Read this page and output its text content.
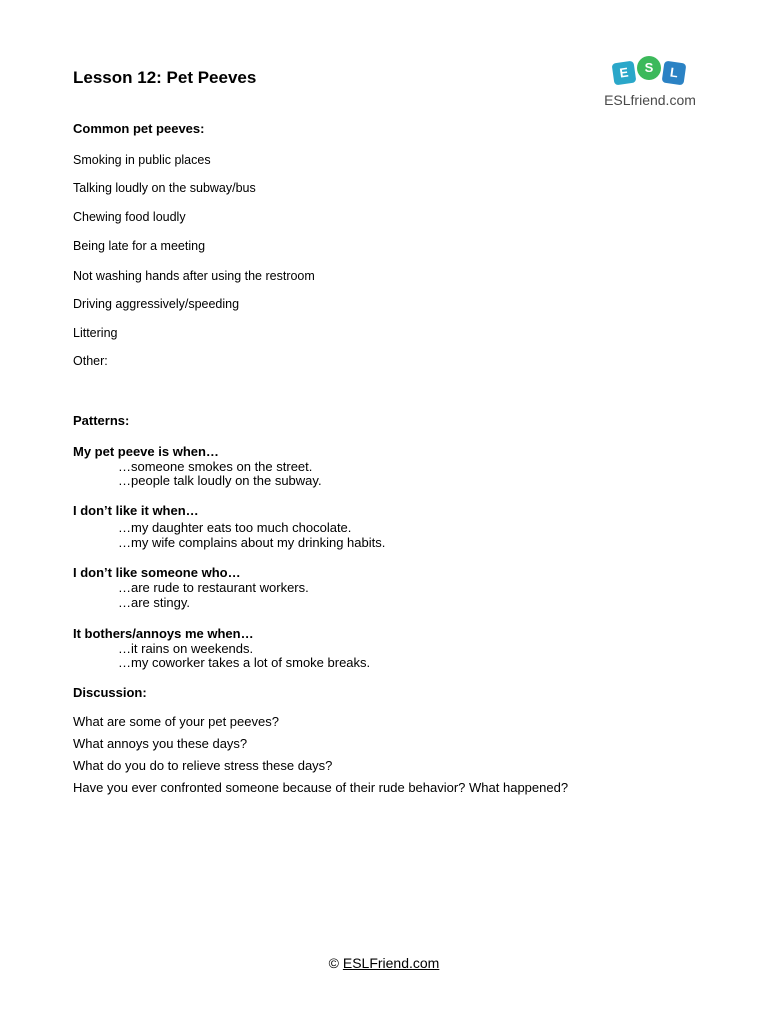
Lesson 12: Pet Peeves	E	S	L
ESLfriend.com
Common pet peeves:
Smoking in public places
Talking loudly on the subway/bus
Chewing food loudly
Being late for a meeting
Not washing hands after using the restroom
Driving aggressively/speeding
Littering
Other:
Patterns:
My pet peeve is when…
…someone smokes on the street.
…people talk loudly on the subway.
I don’t like it when…
…my daughter eats too much chocolate.
…my wife complains about my drinking habits.
I don’t like someone who…
…are rude to restaurant workers.
…are stingy.
It bothers/annoys me when…
…it rains on weekends.
…my coworker takes a lot of smoke breaks.
Discussion:
What are some of your pet peeves?
What annoys you these days?
What do you do to relieve stress these days?
Have you ever confronted someone because of their rude behavior? What happened?
© ESLFriend.com
